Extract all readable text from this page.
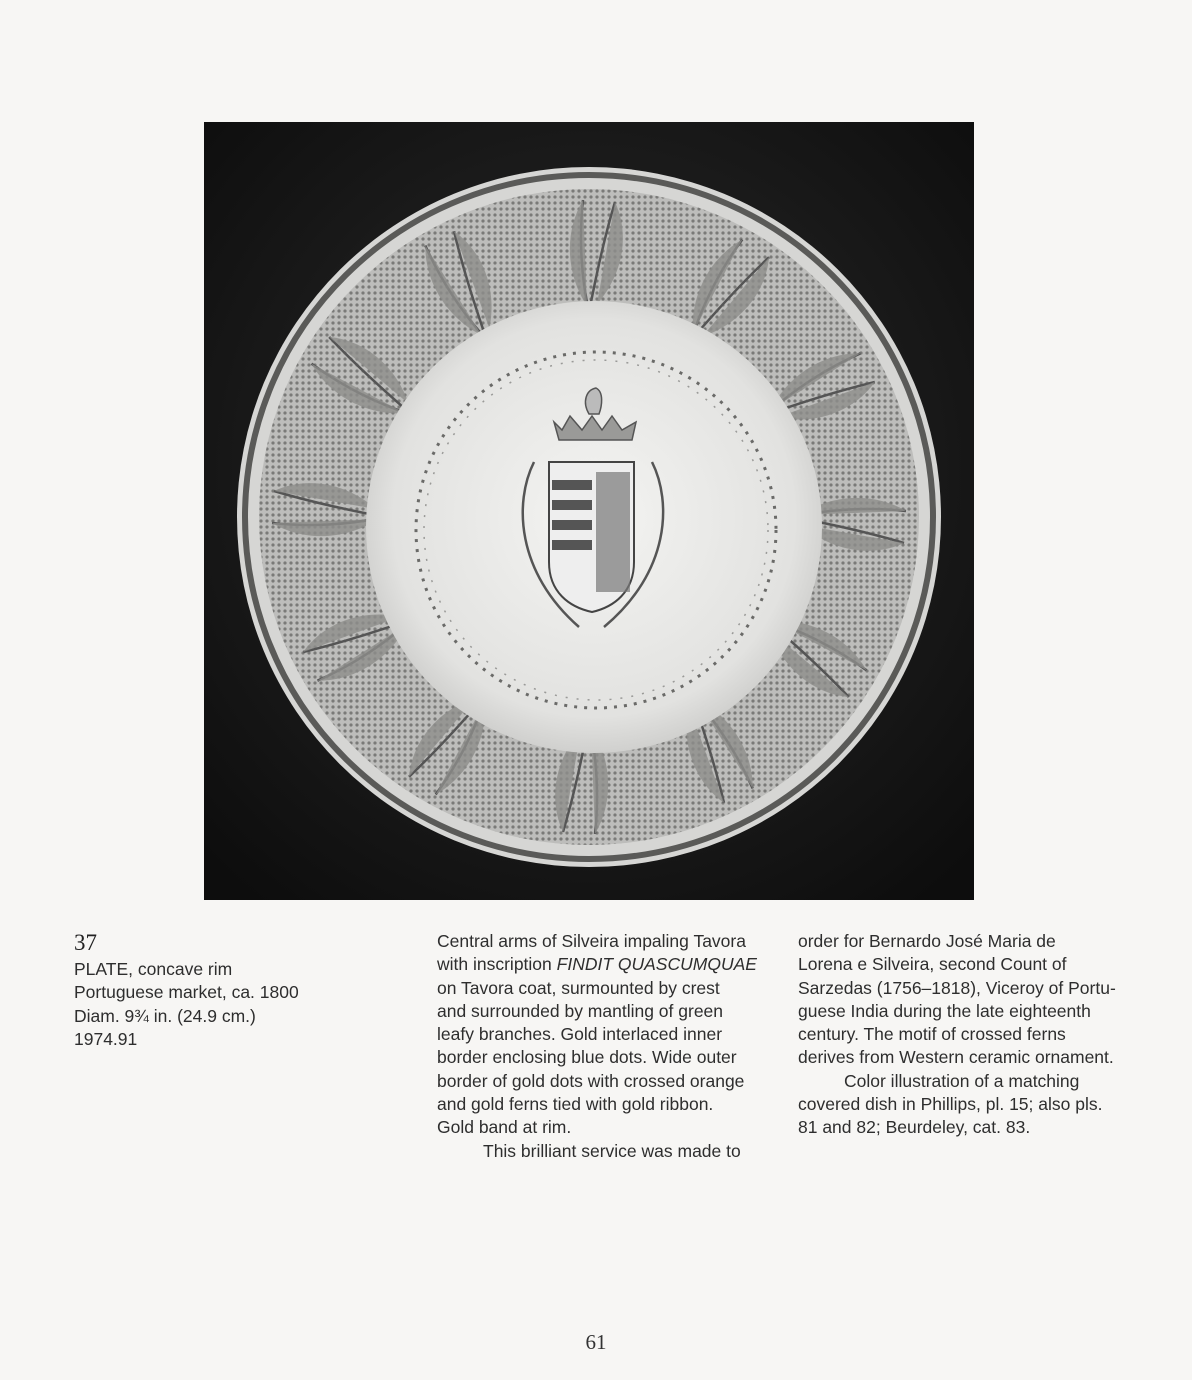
37

PLATE, concave rim

Portuguese market, ca. 1800

Diam. 9¾ in. (24.9 cm.)

1974.91

Central arms of Silveira impaling Tavora

with inscription FINDIT QUASCUMQUAE

on Tavora coat, surmounted by crest

and surrounded by mantling of green

leafy branches. Gold interlaced inner

border enclosing blue dots. Wide outer

border of gold dots with crossed orange

and gold ferns tied with gold ribbon.

Gold band at rim.

This brilliant service was made to

order for Bernardo José Maria de

Lorena e Silveira, second Count of

Sarzedas (1756–1818), Viceroy of Portu-

guese India during the late eighteenth

century. The motif of crossed ferns

derives from Western ceramic ornament.

Color illustration of a matching

covered dish in Phillips, pl. 15; also pls.

81 and 82; Beurdeley, cat. 83.

61
